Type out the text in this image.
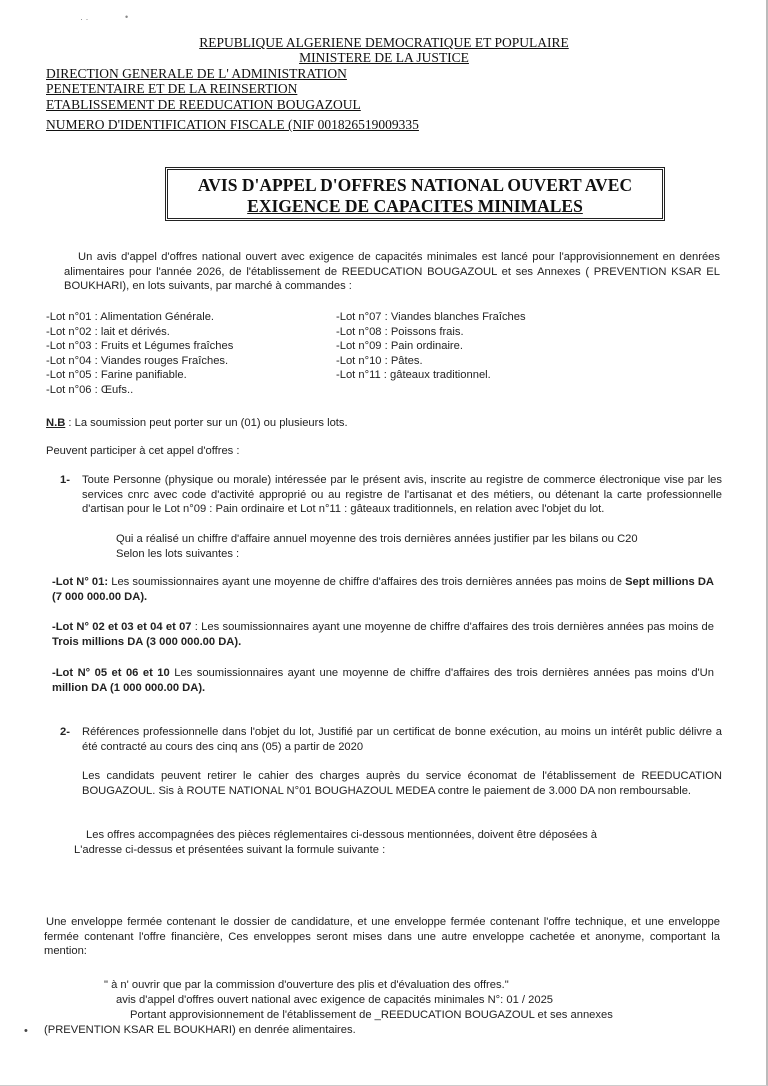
· ·	•
REPUBLIQUE ALGERIENE DEMOCRATIQUE ET POPULAIRE
MINISTERE DE LA JUSTICE
DIRECTION GENERALE DE L' ADMINISTRATION
PENETENTAIRE ET DE LA REINSERTION
ETABLISSEMENT DE REEDUCATION BOUGAZOUL
NUMERO D'IDENTIFICATION FISCALE (NIF 001826519009335
AVIS D'APPEL D'OFFRES NATIONAL OUVERT AVEC
EXIGENCE DE CAPACITES MINIMALES
Un avis d'appel d'offres national ouvert avec exigence de capacités minimales est lancé pour l'approvisionnement en denrées alimentaires pour l'année 2026, de l'établissement de REEDUCATION BOUGAZOUL et ses Annexes ( PREVENTION KSAR EL BOUKHARI), en lots suivants, par marché à commandes :
-Lot n°01 : Alimentation Générale.
-Lot n°02 : lait et dérivés.
-Lot n°03 : Fruits et Légumes fraîches
-Lot n°04 : Viandes rouges Fraîches.
-Lot n°05 : Farine panifiable.
-Lot n°06 : Œufs..
-Lot n°07 : Viandes blanches Fraîches
-Lot n°08 : Poissons frais.
-Lot n°09 : Pain ordinaire.
-Lot n°10 : Pâtes.
-Lot n°11 : gâteaux traditionnel.
N.B : La soumission peut porter sur un (01) ou plusieurs lots.
Peuvent participer à cet appel d'offres :
1- Toute Personne (physique ou morale) intéressée par le présent avis, inscrite au registre de commerce électronique vise par les services cnrc avec code d'activité approprié ou au registre de l'artisanat et des métiers, ou détenant la carte professionnelle d'artisan pour le Lot n°09 : Pain ordinaire et Lot n°11 : gâteaux traditionnels, en relation avec l'objet du lot.
Qui a réalisé un chiffre d'affaire annuel moyenne des trois dernières années justifier par les bilans ou C20
Selon les lots suivantes :
-Lot N° 01: Les soumissionnaires ayant une moyenne de chiffre d'affaires des trois dernières années pas moins de Sept millions DA (7 000 000.00 DA).
-Lot N° 02 et 03 et 04 et 07 : Les soumissionnaires ayant une moyenne de chiffre d'affaires des trois dernières années pas moins de Trois millions DA (3 000 000.00 DA).
-Lot N° 05 et 06 et 10 Les soumissionnaires ayant une moyenne de chiffre d'affaires des trois dernières années pas moins d'Un million DA (1 000 000.00 DA).
2- Références professionnelle dans l'objet du lot, Justifié par un certificat de bonne exécution, au moins un intérêt public délivre a été contracté au cours des cinq ans (05) a partir de 2020
Les candidats peuvent retirer le cahier des charges auprès du service économat de l'établissement de REEDUCATION BOUGAZOUL. Sis à ROUTE NATIONAL N°01 BOUGHAZOUL MEDEA contre le paiement de 3.000 DA non remboursable.
Les offres accompagnées des pièces réglementaires ci-dessous mentionnées, doivent être déposées à
L'adresse ci-dessus et présentées suivant la formule suivante :
Une enveloppe fermée contenant le dossier de candidature, et une enveloppe fermée contenant l'offre technique, et une enveloppe fermée contenant l'offre financière, Ces enveloppes seront mises dans une autre enveloppe cachetée et anonyme, comportant la mention:
" à n' ouvrir que par la commission d'ouverture des plis et d'évaluation des offres."
avis d'appel d'offres ouvert national avec exigence de capacités minimales N°: 01 / 2025
Portant approvisionnement de l'établissement de _REEDUCATION BOUGAZOUL et ses annexes
• (PREVENTION KSAR EL BOUKHARI) en denrée alimentaires.
